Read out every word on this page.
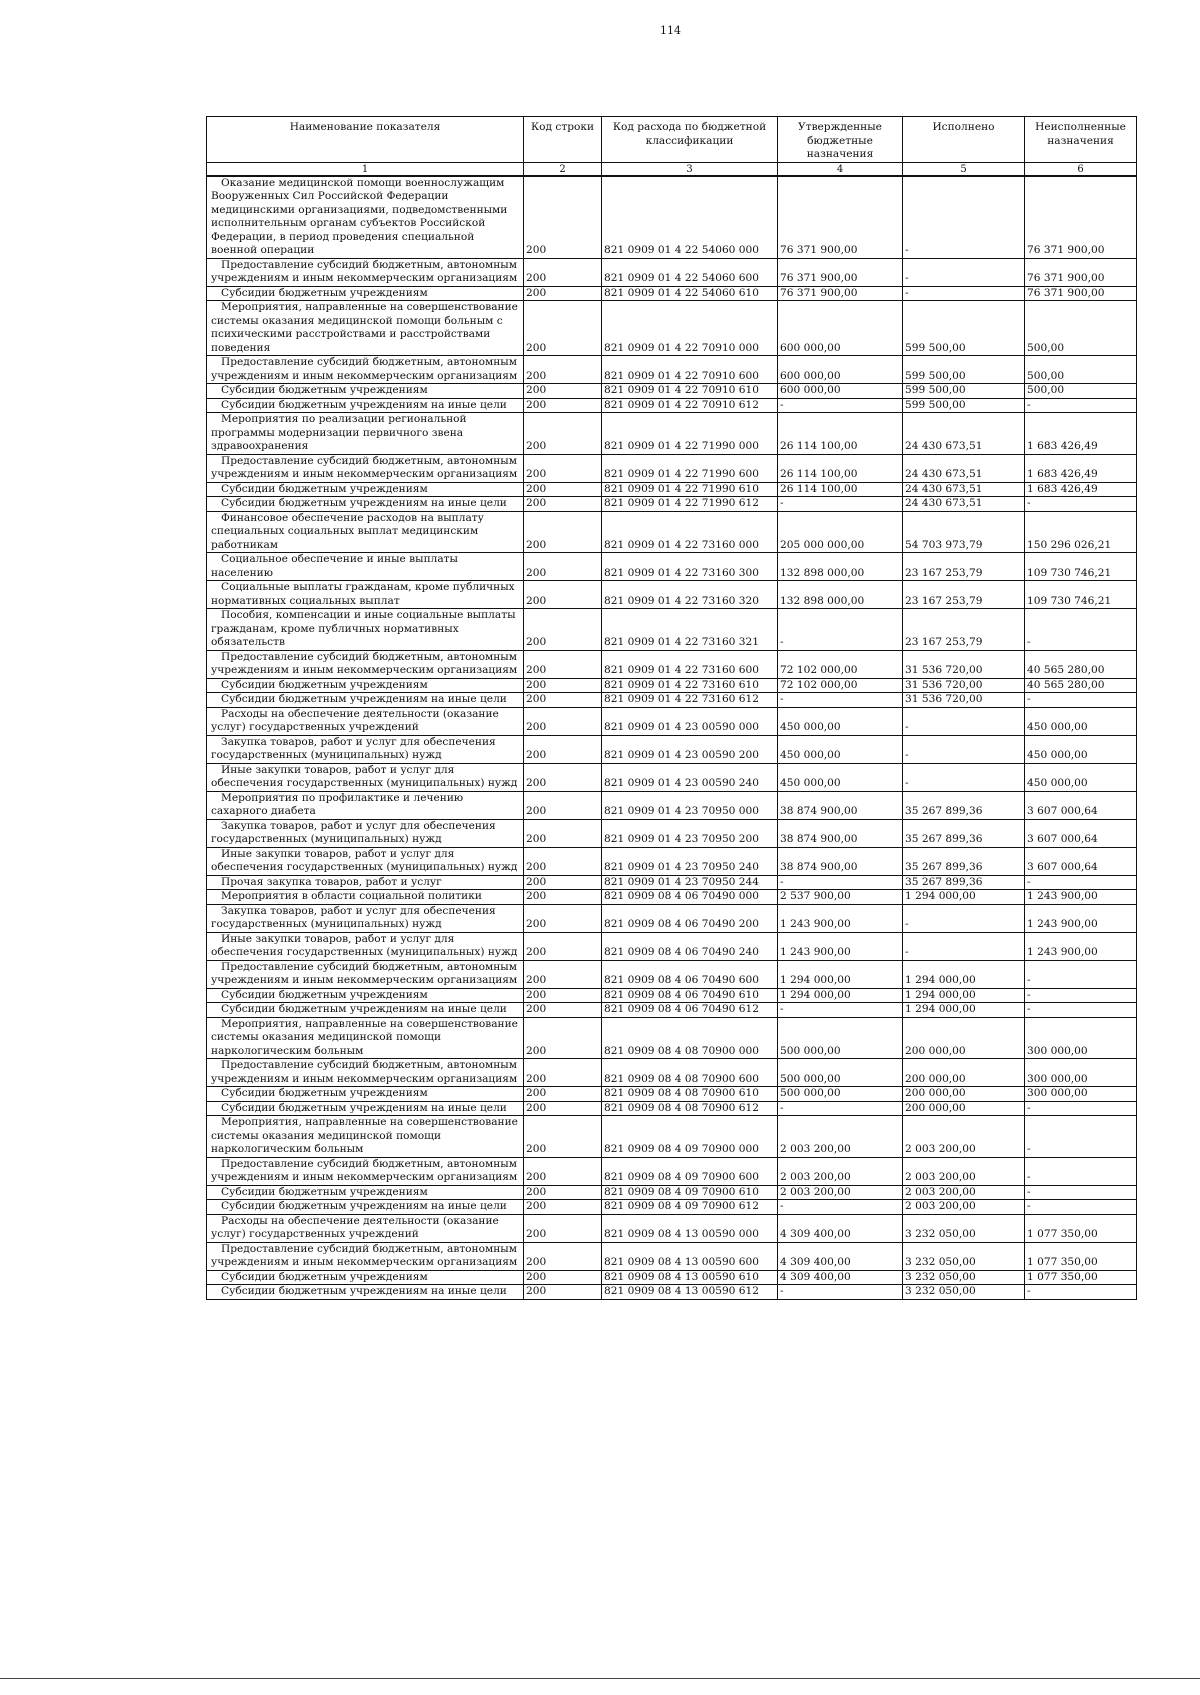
114
Наименование показателя	Код строки	Код расхода по бюджетной классификации	Утвержденные бюджетные назначения	Исполнено	Неисполненные назначения
1	2	3	4	5	6

Оказание медицинской помощи военнослужащим Вооруженных Сил Российской Федерации медицинскими организациями, подведомственными исполнительным органам субъектов Российской Федерации, в период проведения специальной военной операции	200	821 0909 01 4 22 54060 000	76 371 900,00	-	76 371 900,00

Предоставление субсидий бюджетным, автономным учреждениям и иным некоммерческим организациям	200	821 0909 01 4 22 54060 600	76 371 900,00	-	76 371 900,00

Субсидии бюджетным учреждениям	200	821 0909 01 4 22 54060 610	76 371 900,00	-	76 371 900,00

Мероприятия, направленные на совершенствование системы оказания медицинской помощи больным с психическими расстройствами и расстройствами поведения	200	821 0909 01 4 22 70910 000	600 000,00	599 500,00	500,00

Предоставление субсидий бюджетным, автономным учреждениям и иным некоммерческим организациям	200	821 0909 01 4 22 70910 600	600 000,00	599 500,00	500,00

Субсидии бюджетным учреждениям	200	821 0909 01 4 22 70910 610	600 000,00	599 500,00	500,00

Субсидии бюджетным учреждениям на иные цели	200	821 0909 01 4 22 70910 612	-	599 500,00	-

Мероприятия по реализации региональной программы модернизации первичного звена здравоохранения	200	821 0909 01 4 22 71990 000	26 114 100,00	24 430 673,51	1 683 426,49

Предоставление субсидий бюджетным, автономным учреждениям и иным некоммерческим организациям	200	821 0909 01 4 22 71990 600	26 114 100,00	24 430 673,51	1 683 426,49

Субсидии бюджетным учреждениям	200	821 0909 01 4 22 71990 610	26 114 100,00	24 430 673,51	1 683 426,49

Субсидии бюджетным учреждениям на иные цели	200	821 0909 01 4 22 71990 612	-	24 430 673,51	-

Финансовое обеспечение расходов на выплату специальных социальных выплат медицинским работникам	200	821 0909 01 4 22 73160 000	205 000 000,00	54 703 973,79	150 296 026,21

Социальное обеспечение и иные выплаты населению	200	821 0909 01 4 22 73160 300	132 898 000,00	23 167 253,79	109 730 746,21

Социальные выплаты гражданам, кроме публичных нормативных социальных выплат	200	821 0909 01 4 22 73160 320	132 898 000,00	23 167 253,79	109 730 746,21

Пособия, компенсации и иные социальные выплаты гражданам, кроме публичных нормативных обязательств	200	821 0909 01 4 22 73160 321	-	23 167 253,79	-

Предоставление субсидий бюджетным, автономным учреждениям и иным некоммерческим организациям	200	821 0909 01 4 22 73160 600	72 102 000,00	31 536 720,00	40 565 280,00

Субсидии бюджетным учреждениям	200	821 0909 01 4 22 73160 610	72 102 000,00	31 536 720,00	40 565 280,00

Субсидии бюджетным учреждениям на иные цели	200	821 0909 01 4 22 73160 612	-	31 536 720,00	-

Расходы на обеспечение деятельности (оказание услуг) государственных учреждений	200	821 0909 01 4 23 00590 000	450 000,00	-	450 000,00

Закупка товаров, работ и услуг для обеспечения государственных (муниципальных) нужд	200	821 0909 01 4 23 00590 200	450 000,00	-	450 000,00

Иные закупки товаров, работ и услуг для обеспечения государственных (муниципальных) нужд	200	821 0909 01 4 23 00590 240	450 000,00	-	450 000,00

Мероприятия по профилактике и лечению сахарного диабета	200	821 0909 01 4 23 70950 000	38 874 900,00	35 267 899,36	3 607 000,64

Закупка товаров, работ и услуг для обеспечения государственных (муниципальных) нужд	200	821 0909 01 4 23 70950 200	38 874 900,00	35 267 899,36	3 607 000,64

Иные закупки товаров, работ и услуг для обеспечения государственных (муниципальных) нужд	200	821 0909 01 4 23 70950 240	38 874 900,00	35 267 899,36	3 607 000,64

Прочая закупка товаров, работ и услуг	200	821 0909 01 4 23 70950 244	-	35 267 899,36	-

Мероприятия в области социальной политики	200	821 0909 08 4 06 70490 000	2 537 900,00	1 294 000,00	1 243 900,00

Закупка товаров, работ и услуг для обеспечения государственных (муниципальных) нужд	200	821 0909 08 4 06 70490 200	1 243 900,00	-	1 243 900,00

Иные закупки товаров, работ и услуг для обеспечения государственных (муниципальных) нужд	200	821 0909 08 4 06 70490 240	1 243 900,00	-	1 243 900,00

Предоставление субсидий бюджетным, автономным учреждениям и иным некоммерческим организациям	200	821 0909 08 4 06 70490 600	1 294 000,00	1 294 000,00	-

Субсидии бюджетным учреждениям	200	821 0909 08 4 06 70490 610	1 294 000,00	1 294 000,00	-

Субсидии бюджетным учреждениям на иные цели	200	821 0909 08 4 06 70490 612	-	1 294 000,00	-

Мероприятия, направленные на совершенствование системы оказания медицинской помощи наркологическим больным	200	821 0909 08 4 08 70900 000	500 000,00	200 000,00	300 000,00

Предоставление субсидий бюджетным, автономным учреждениям и иным некоммерческим организациям	200	821 0909 08 4 08 70900 600	500 000,00	200 000,00	300 000,00

Субсидии бюджетным учреждениям	200	821 0909 08 4 08 70900 610	500 000,00	200 000,00	300 000,00

Субсидии бюджетным учреждениям на иные цели	200	821 0909 08 4 08 70900 612	-	200 000,00	-

Мероприятия, направленные на совершенствование системы оказания медицинской помощи наркологическим больным	200	821 0909 08 4 09 70900 000	2 003 200,00	2 003 200,00	-

Предоставление субсидий бюджетным, автономным учреждениям и иным некоммерческим организациям	200	821 0909 08 4 09 70900 600	2 003 200,00	2 003 200,00	-

Субсидии бюджетным учреждениям	200	821 0909 08 4 09 70900 610	2 003 200,00	2 003 200,00	-

Субсидии бюджетным учреждениям на иные цели	200	821 0909 08 4 09 70900 612	-	2 003 200,00	-

Расходы на обеспечение деятельности (оказание услуг) государственных учреждений	200	821 0909 08 4 13 00590 000	4 309 400,00	3 232 050,00	1 077 350,00

Предоставление субсидий бюджетным, автономным учреждениям и иным некоммерческим организациям	200	821 0909 08 4 13 00590 600	4 309 400,00	3 232 050,00	1 077 350,00

Субсидии бюджетным учреждениям	200	821 0909 08 4 13 00590 610	4 309 400,00	3 232 050,00	1 077 350,00

Субсидии бюджетным учреждениям на иные цели	200	821 0909 08 4 13 00590 612	-	3 232 050,00	-
